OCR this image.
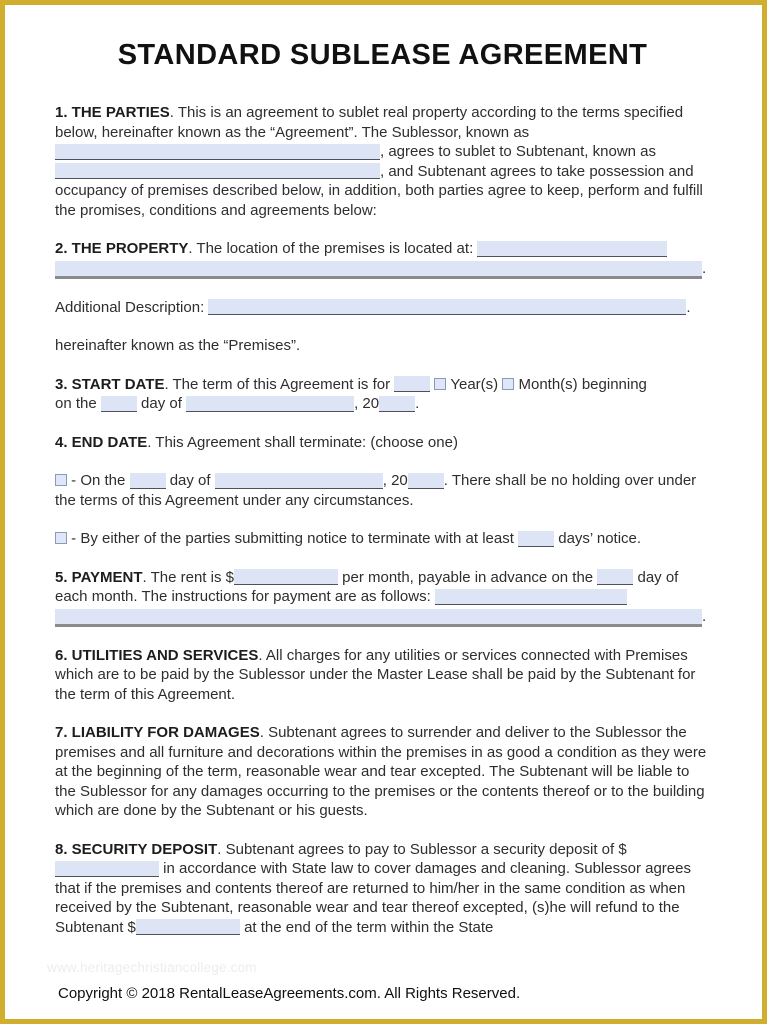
STANDARD SUBLEASE AGREEMENT

1. THE PARTIES. This is an agreement to sublet real property according to the terms specified below, hereinafter known as the “Agreement”. The Sublessor, known as , agrees to sublet to Subtenant, known as , and Subtenant agrees to take possession and occupancy of premises described below, in addition, both parties agree to keep, perform and fulfill the promises, conditions and agreements below:

2. THE PROPERTY. The location of the premises is located at: .

Additional Description:	.

hereinafter known as the “Premises”.

3. START DATE. The term of this Agreement is for	Year(s)  Month(s) beginning
on the  day of	, 20 .

4. END DATE. This Agreement shall terminate: (choose one)

- On the  day of	, 20 . There shall be no holding over under the terms of this Agreement under any circumstances.

- By either of the parties submitting notice to terminate with at least  days’ notice.

5. PAYMENT. The rent is $	per month, payable in advance on the  day of each month. The instructions for payment are as follows: .

6. UTILITIES AND SERVICES. All charges for any utilities or services connected with Premises which are to be paid by the Sublessor under the Master Lease shall be paid by the Subtenant for the term of this Agreement.

7. LIABILITY FOR DAMAGES. Subtenant agrees to surrender and deliver to the Sublessor the premises and all furniture and decorations within the premises in as good a condition as they were at the beginning of the term, reasonable wear and tear excepted. The Subtenant will be liable to the Sublessor for any damages occurring to the premises or the contents thereof or to the building which are done by the Subtenant or his guests.

8. SECURITY DEPOSIT. Subtenant agrees to pay to Sublessor a security deposit of $ in accordance with State law to cover damages and cleaning. Sublessor agrees that if the premises and contents thereof are returned to him/her in the same condition as when received by the Subtenant, reasonable wear and tear thereof excepted, (s)he will refund to the Subtenant $	at the end of the term within the State

www.heritagechristiancollege.com
Copyright © 2018 RentalLeaseAgreements.com. All Rights Reserved.
